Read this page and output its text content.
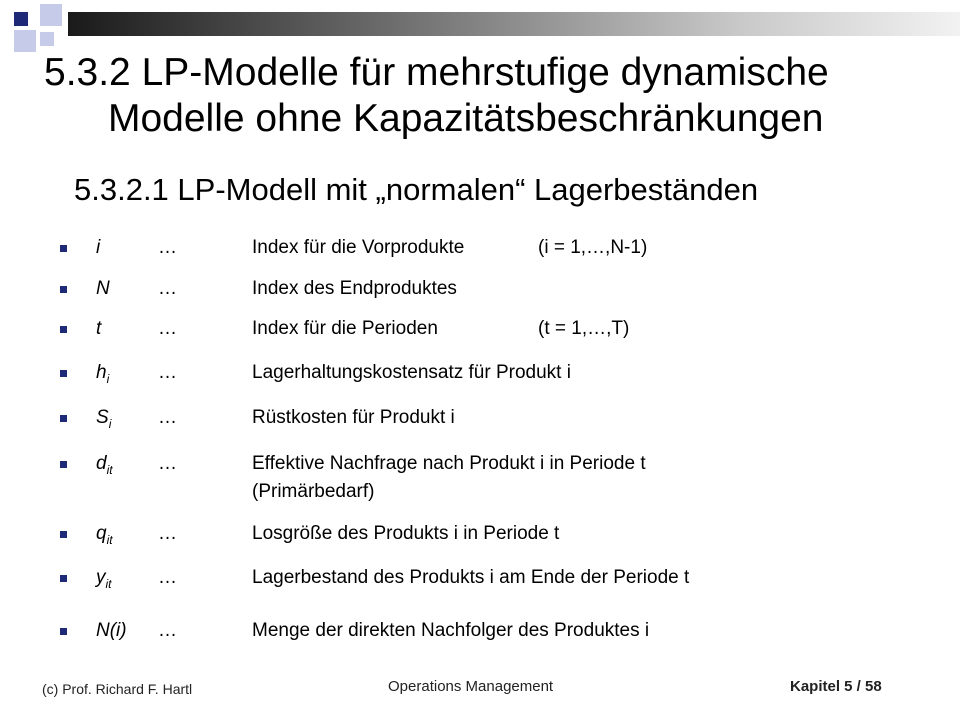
5.3.2 LP-Modelle für mehrstufige dynamische
Modelle ohne Kapazitätsbeschränkungen
5.3.2.1 LP-Modell mit „normalen“ Lagerbeständen
i	…	Index für die Vorprodukte	(i = 1,…,N-1)
N	…	Index des Endproduktes
t	…	Index für die Perioden	(t = 1,…,T)
$h_i$	…	Lagerhaltungskostensatz für Produkt i
$S_i$ …	Rüstkosten für Produkt i
$d_{it}$ …	Effektive Nachfrage nach Produkt i in Periode t
(Primärbedarf)
$q_{it}$ …	Losgröße des Produkts i in Periode t
$y_{it}$ …	Lagerbestand des Produkts i am Ende der Periode t
N(i) …	Menge der direkten Nachfolger des Produktes i
(c) Prof. Richard F. Hartl	Operations Management	Kapitel 5 / 58
